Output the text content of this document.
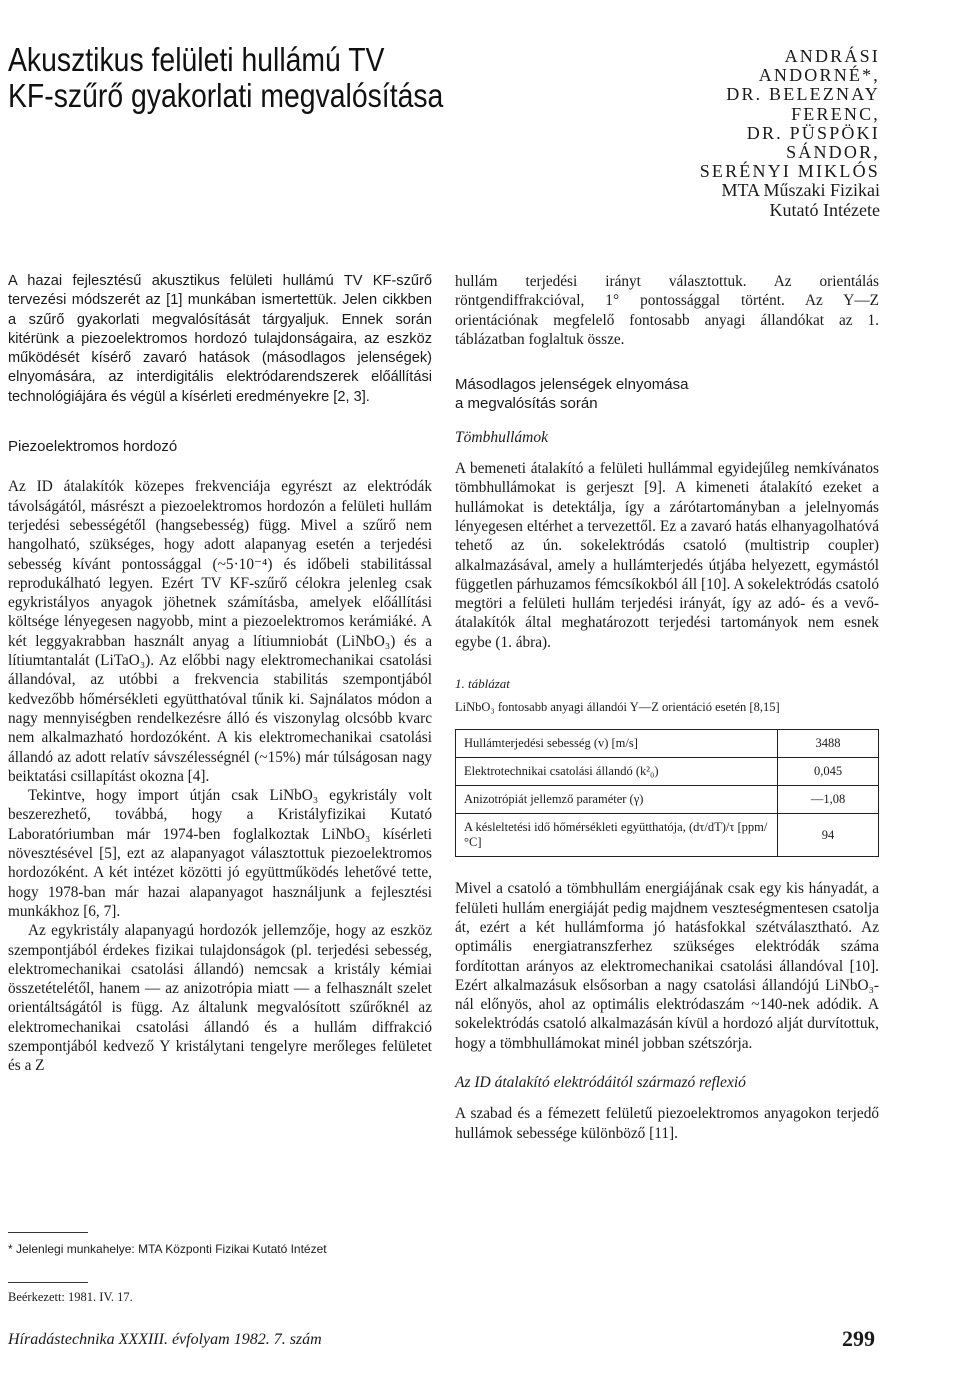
Akusztikus felületi hullámú TV
KF-szűrő gyakorlati megvalósítása
ANDRÁSI
ANDORNÉ*,
DR. BELEZNAY
FERENC,
DR. PÜSPÖKI
SÁNDOR,
SERÉNYI MIKLÓS
MTA Műszaki Fizikai
Kutató Intézete

A hazai fejlesztésű akusztikus felületi hullámú TV KF-szűrő tervezési módszerét az [1] munkában ismertettük. Jelen cikkben a szűrő gyakorlati megvalósítását tárgyaljuk. Ennek során kitérünk a piezoelektromos hordozó tulajdonságaira, az eszköz működését kísérő zavaró hatások (másodlagos jelenségek) elnyomására, az interdigitális elektródarendszerek előállítási technológiájára és végül a kísérleti eredményekre [2, 3].

Piezoelektromos hordozó

Az ID átalakítók közepes frekvenciája egyrészt az elektródák távolságától, másrészt a piezoelektromos hordozón a felületi hullám terjedési sebességétől (hangsebesség) függ. Mivel a szűrő nem hangolható, szükséges, hogy adott alapanyag esetén a terjedési sebesség kívánt pontossággal (~5·10⁻⁴) és időbeli stabilitással reprodukálható legyen. Ezért TV KF-szűrő célokra jelenleg csak egykristályos anyagok jöhetnek számításba, amelyek előállítási költsége lényegesen nagyobb, mint a piezoelektromos kerámiáké. A két leggyakrabban használt anyag a lítiumniobát (LiNbO₃) és a lítiumtantalát (LiTaO₃). Az előbbi nagy elektromechanikai csatolási állandóval, az utóbbi a frekvencia stabilitás szempontjából kedvezőbb hőmérsékleti együtthatóval tűnik ki. Sajnálatos módon a nagy mennyiségben rendelkezésre álló és viszonylag olcsóbb kvarc nem alkalmazható hordozóként. A kis elektromechanikai csatolási állandó az adott relatív sávszélességnél (~15%) már túlságosan nagy beiktatási csillapítást okozna [4].

Tekintve, hogy import útján csak LiNbO₃ egykristály volt beszerezhető, továbbá, hogy a Kristályfizikai Kutató Laboratóriumban már 1974-ben foglalkoztak LiNbO₃ kísérleti növesztésével [5], ezt az alapanyagot választottuk piezoelektromos hordozóként. A két intézet közötti jó együttműködés lehetővé tette, hogy 1978-ban már hazai alapanyagot használjunk a fejlesztési munkákhoz [6, 7].

Az egykristály alapanyagú hordozók jellemzője, hogy az eszköz szempontjából érdekes fizikai tulajdonságok (pl. terjedési sebesség, elektromechanikai csatolási állandó) nemcsak a kristály kémiai összetételétől, hanem — az anizotrópia miatt — a felhasznált szelet orientáltságától is függ. Az általunk megvalósított szűrőknél az elektromechanikai csatolási állandó és a hullám diffrakció szempontjából kedvező Y kristálytani tengelyre merőleges felületet és a Z

* Jelenlegi munkahelye: MTA Központi Fizikai Kutató Intézet
Beérkezett: 1981. IV. 17.

hullám terjedési irányt választottuk. Az orientálás röntgendiffrakcióval, 1° pontossággal történt. Az Y—Z orientációnak megfelelő fontosabb anyagi állandókat az 1. táblázatban foglaltuk össze.

Másodlagos jelenségek elnyomása
a megvalósítás során

Tömbhullámok

A bemeneti átalakító a felületi hullámmal egyidejűleg nemkívánatos tömbhullámokat is gerjeszt [9]. A kimeneti átalakító ezeket a hullámokat is detektálja, így a zárótartományban a jelelnyomás lényegesen eltérhet a tervezettől. Ez a zavaró hatás elhanyagolhatóvá tehető az ún. sokelektródás csatoló (multistrip coupler) alkalmazásával, amely a hullámterjedés útjába helyezett, egymástól független párhuzamos fémcsíkokból áll [10]. A sokelektródás csatoló megtöri a felületi hullám terjedési irányát, így az adó- és a vevő-átalakítók által meghatározott terjedési tartományok nem esnek egybe (1. ábra).

1. táblázat

LiNbO₃ fontosabb anyagi állandói Y—Z orientáció esetén [8,15]

Hullámterjedési sebesség (v) [m/s]	3488
Elektrotechnikai csatolási állandó (k²₀)	0,045
Anizotrópiát jellemző paraméter (γ)	—1,08
A késleltetési idő hőmérsékleti együtthatója, (dτ/dT)/τ [ppm/°C]	94

Mivel a csatoló a tömbhullám energiájának csak egy kis hányadát, a felületi hullám energiáját pedig majdnem veszteségmentesen csatolja át, ezért a két hullámforma jó hatásfokkal szétválasztható. Az optimális energiatranszferhez szükséges elektródák száma fordítottan arányos az elektromechanikai csatolási állandóval [10]. Ezért alkalmazásuk elsősorban a nagy csatolási állandójú LiNbO₃-nál előnyös, ahol az optimális elektródaszám ~140-nek adódik. A sokelektródás csatoló alkalmazásán kívül a hordozó alját durvítottuk, hogy a tömbhullámokat minél jobban szétszórja.

Az ID átalakító elektródáitól származó reflexió

A szabad és a fémezett felületű piezoelektromos anyagokon terjedő hullámok sebessége különböző [11].

Híradástechnika XXXIII. évfolyam 1982. 7. szám	299
